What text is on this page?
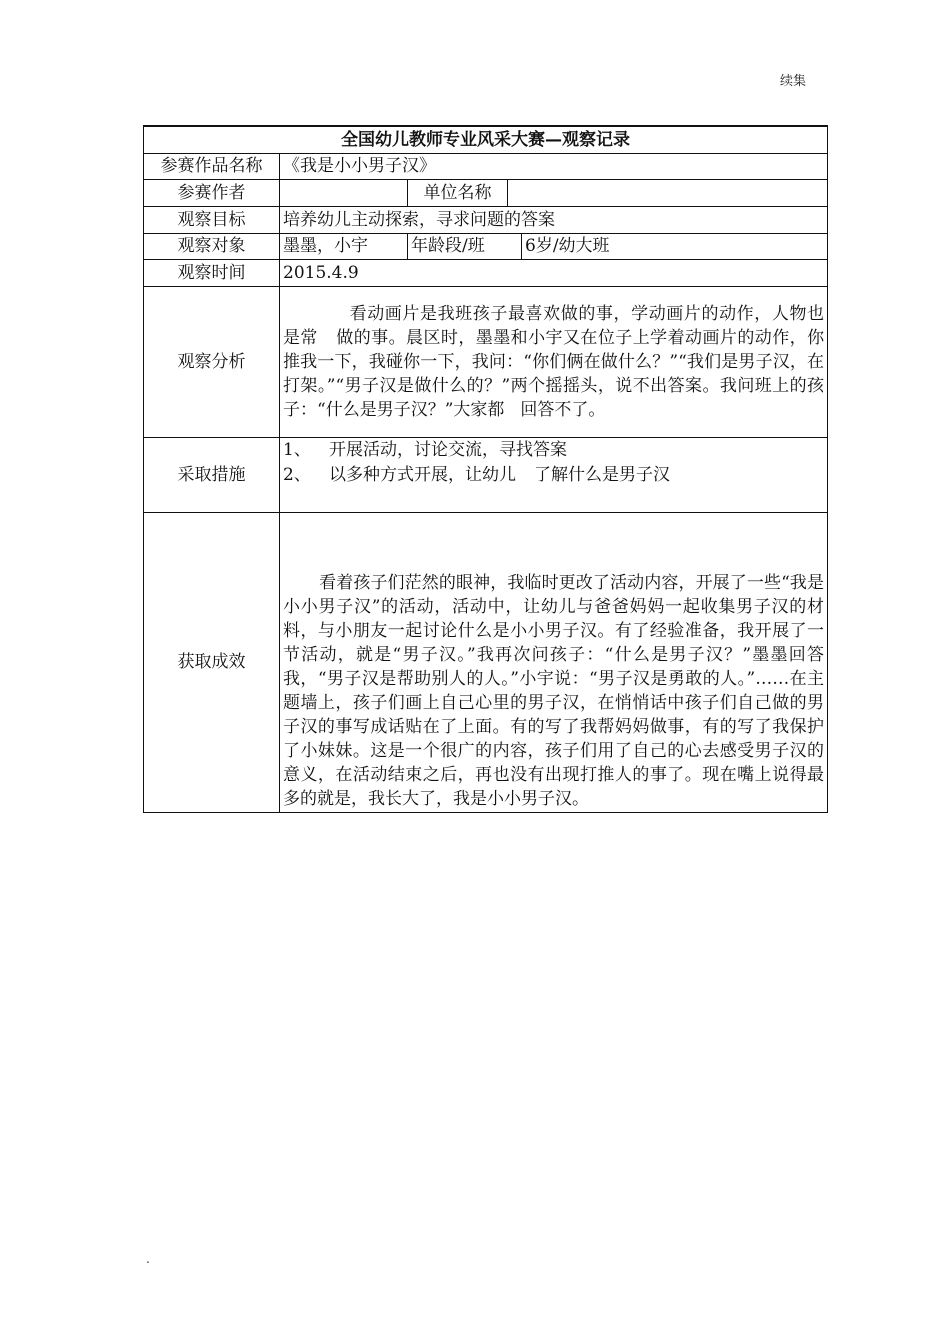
续集
全国幼儿教师专业风采大赛—观察记录				
参赛作品名称	《我是小小男子汉》			
参赛作者		单位名称		
观察目标	培养幼儿主动探索，寻求问题的答案			
观察对象	墨墨，小宇	年龄段/班		6岁/幼大班
观察时间	2015.4.9			
观察分析	看动画片是我班孩子最喜欢做的事，学动画片的动作，人物也是常 做的事。晨区时，墨墨和小宇又在位子上学着动画片的动作，你推我一下，我碰你一下，我问：“你们俩在做什么？”“我们是男子汉，在打架。”“男子汉是做什么的？”两个摇摇头，说不出答案。我问班上的孩子：“什么是男子汉？”大家都 回答不了。			
采取措施	1、 开展活动，讨论交流，寻找答案
2、 以多种方式开展，让幼儿 了解什么是男子汉			

获取成效	看着孩子们茫然的眼神，我临时更改了活动内容，开展了一些“我是小小男子汉”的活动，活动中，让幼儿与爸爸妈妈一起收集男子汉的材料，与小朋友一起讨论什么是小小男子汉。有了经验准备，我开展了一节活动，就是“男子汉。”我再次问孩子：“什么是男子汉？”墨墨回答我，“男子汉是帮助别人的人。”小宇说：“男子汉是勇敢的人。”……在主题墙上，孩子们画上自己心里的男子汉，在悄悄话中孩子们自己做的男子汉的事写成话贴在了上面。有的写了我帮妈妈做事，有的写了我保护了小妹妹。这是一个很广的内容，孩子们用了自己的心去感受男子汉的意义，在活动结束之后，再也没有出现打推人的事了。现在嘴上说得最多的就是，我长大了，我是小小男子汉。			
.
